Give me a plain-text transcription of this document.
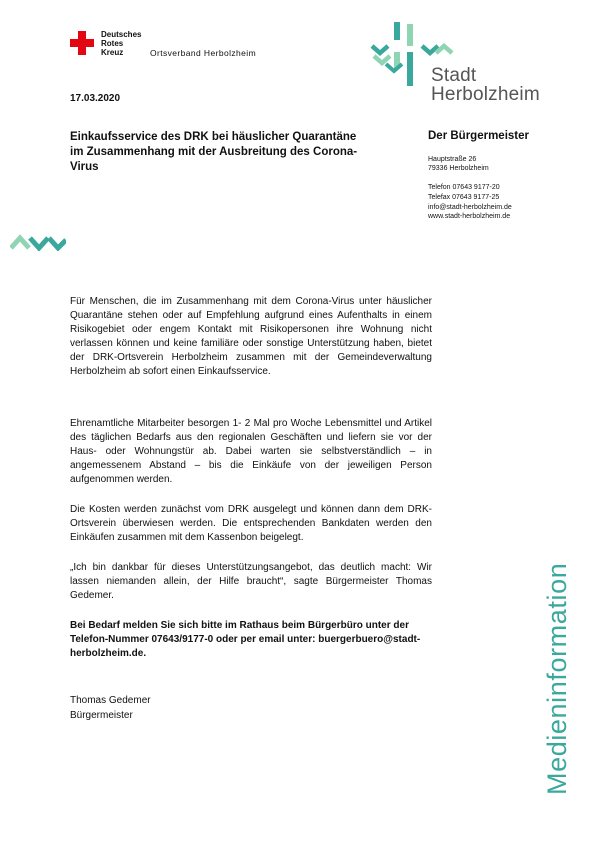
Deutsches
Rotes
Kreuz	Ortsverband Herbolzheim
Stadt
Herbolzheim
17.03.2020
Einkaufsservice des DRK bei häuslicher Quarantäne
im Zusammenhang mit der Ausbreitung des Corona-
Virus
Der Bürgermeister
Hauptstraße 26
79336 Herbolzheim
Telefon 07643 9177-20
Telefax 07643 9177-25
info@stadt-herbolzheim.de
www.stadt-herbolzheim.de
Für Menschen, die im Zusammenhang mit dem Corona-Virus unter häuslicher Quarantäne stehen oder auf Empfehlung aufgrund eines Aufenthalts in einem Risikogebiet oder engem Kontakt mit Risikopersonen ihre Wohnung nicht verlassen können und keine familiäre oder sonstige Unterstützung haben, bietet der DRK-Ortsverein Herbolzheim zusammen mit der Gemeindeverwaltung Herbolzheim ab sofort einen Einkaufsservice.
Ehrenamtliche Mitarbeiter besorgen 1- 2 Mal pro Woche Lebensmittel und Artikel des täglichen Bedarfs aus den regionalen Geschäften und liefern sie vor der Haus- oder Wohnungstür ab. Dabei warten sie selbstverständlich – in angemessenem Abstand – bis die Einkäufe von der jeweiligen Person aufgenommen werden.
Die Kosten werden zunächst vom DRK ausgelegt und können dann dem DRK-Ortsverein überwiesen werden. Die entsprechenden Bankdaten werden den Einkäufen zusammen mit dem Kassenbon beigelegt.
„Ich bin dankbar für dieses Unterstützungsangebot, das deutlich macht: Wir lassen niemanden allein, der Hilfe braucht“, sagte Bürgermeister Thomas Gedemer.
Bei Bedarf melden Sie sich bitte im Rathaus beim Bürgerbüro unter der Telefon-Nummer 07643/9177-0 oder per email unter: buergerbuero@stadt-herbolzheim.de.
Thomas Gedemer
Bürgermeister	Medieninformation
